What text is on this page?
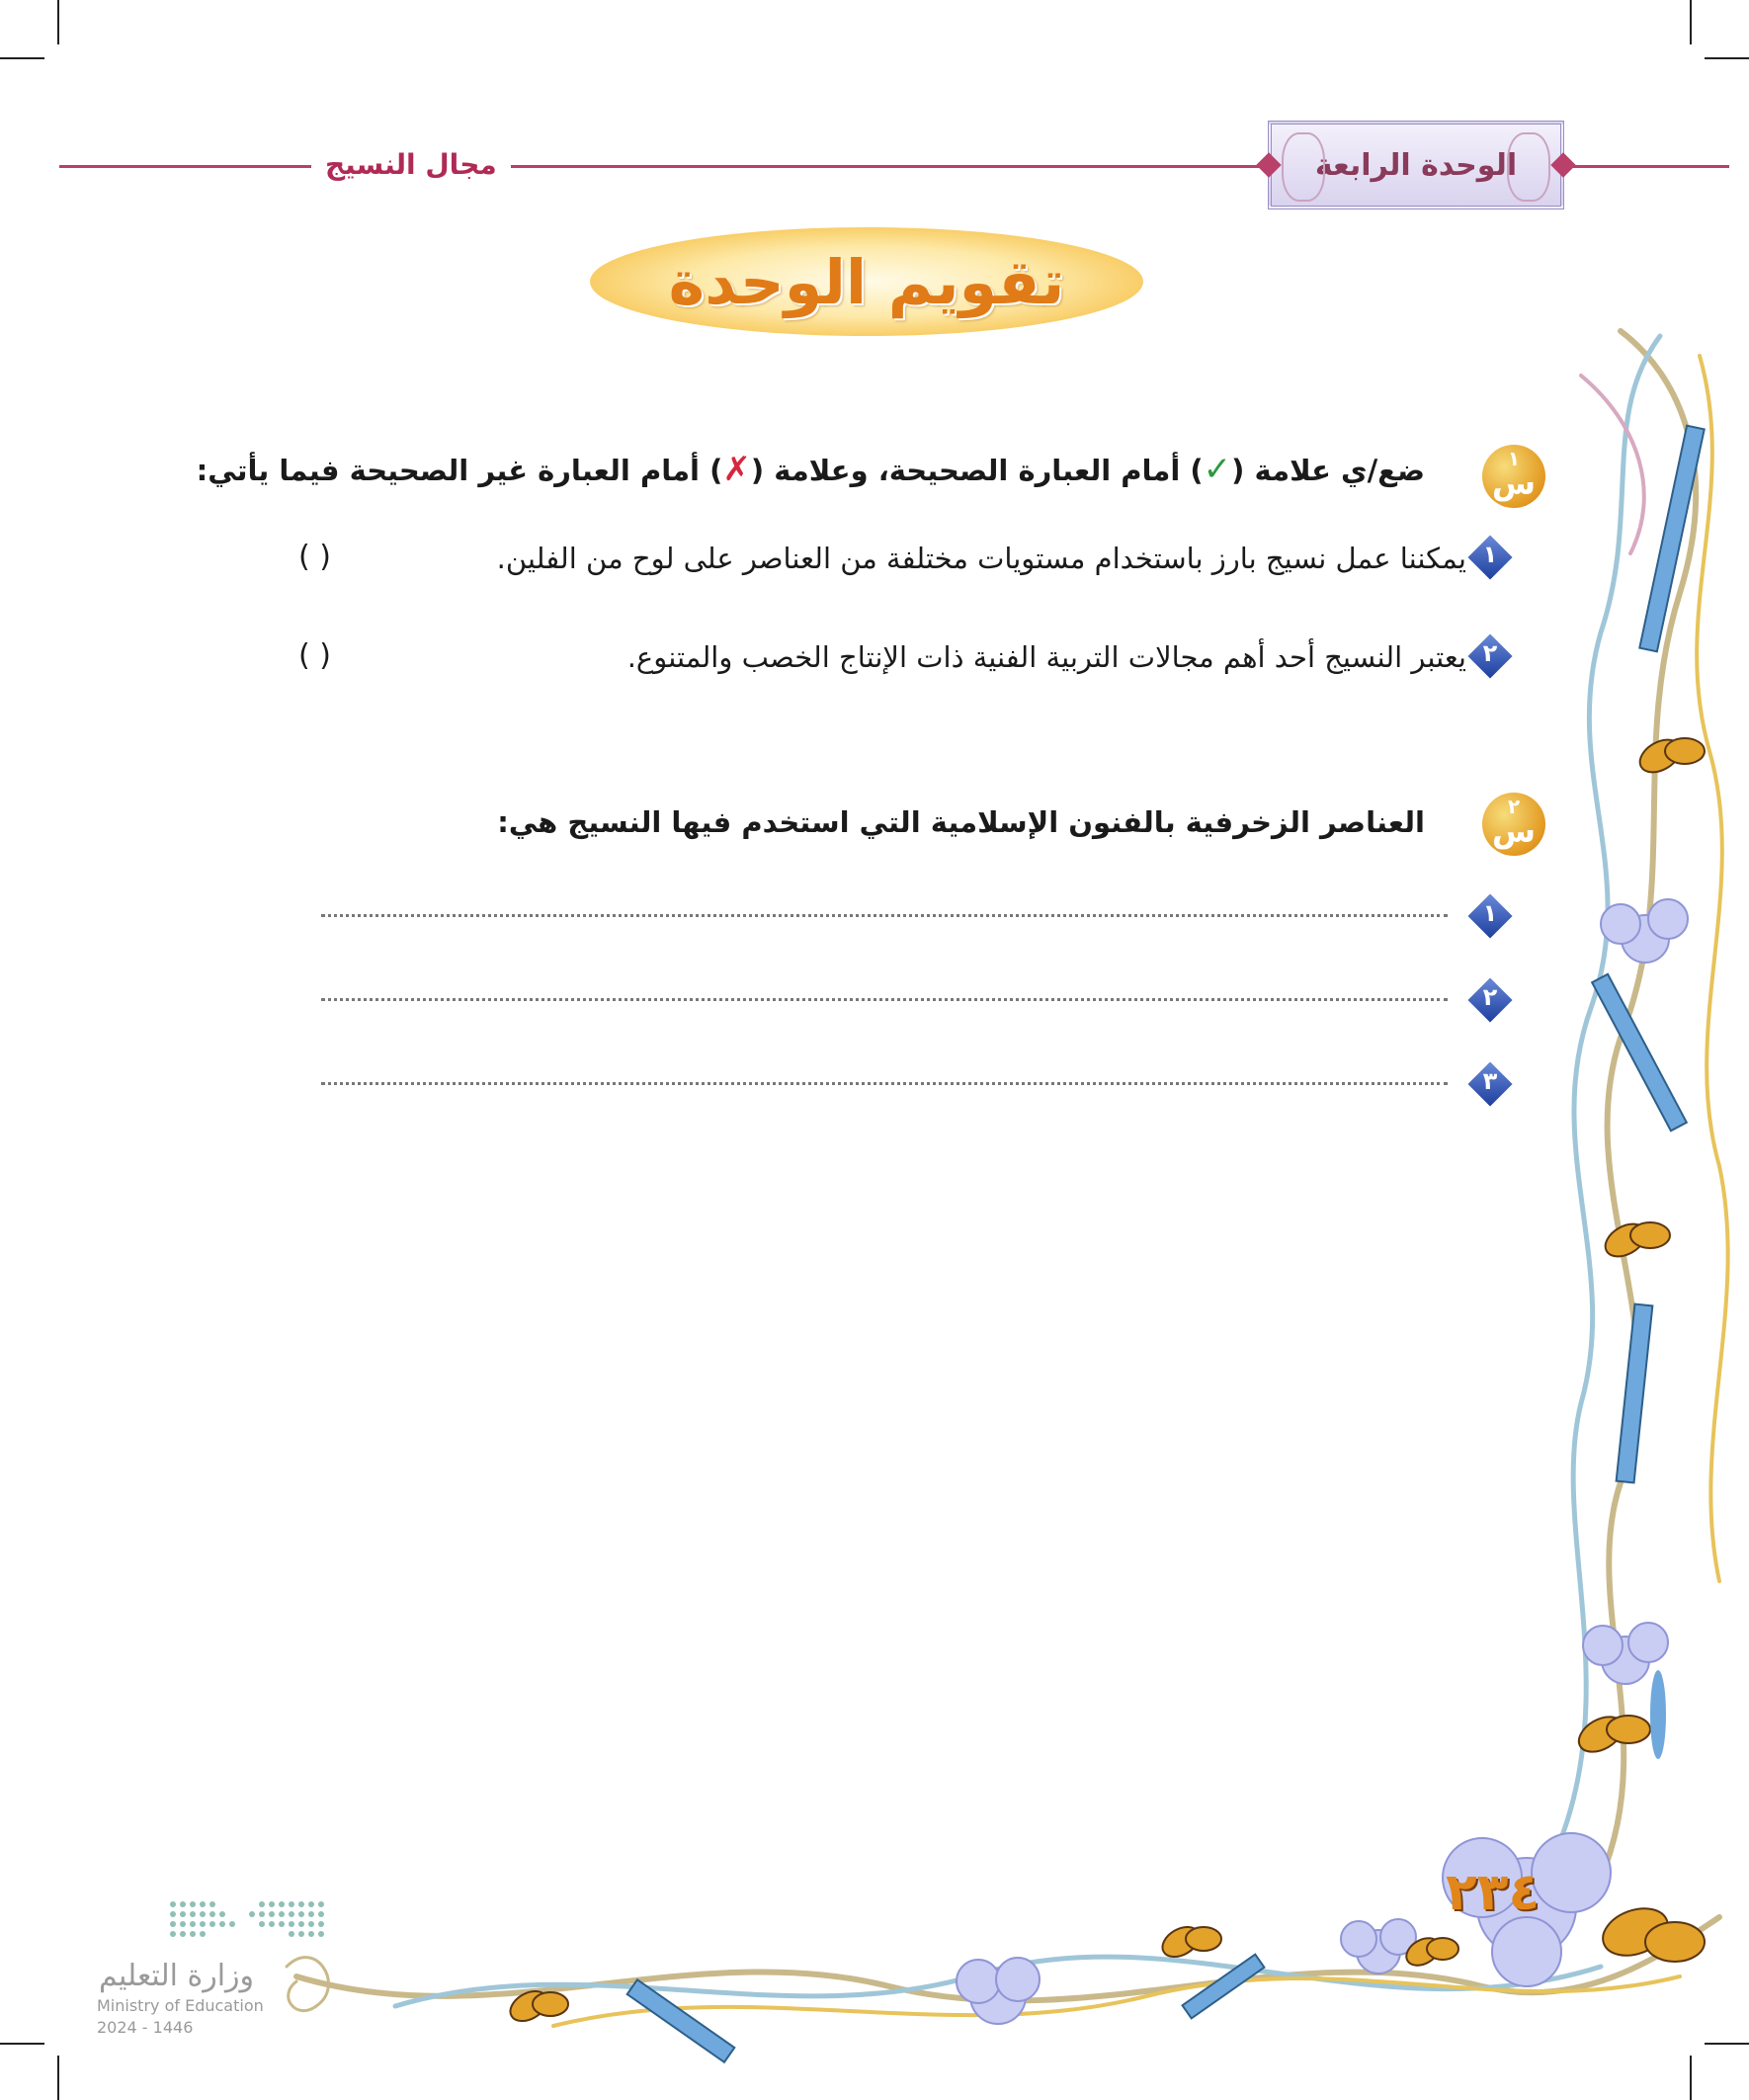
مجال النسيج	الوحدة الرابعة
تقويم الوحدة
١
س
ضع/ي علامة (✓) أمام العبارة الصحيحة، وعلامة (✗) أمام العبارة غير الصحيحة فيما يأتي:
١
يمكننا عمل نسيج بارز باستخدام مستويات مختلفة من العناصر على لوح من الفلين.
( )
٢
يعتبر النسيج أحد أهم مجالات التربية الفنية ذات الإنتاج الخصب والمتنوع.
( )
٢
س
العناصر الزخرفية بالفنون الإسلامية التي استخدم فيها النسيج هي:
١
٢
٣
٢٣٤
وزارة التعليم
Ministry of Education
2024 - 1446
